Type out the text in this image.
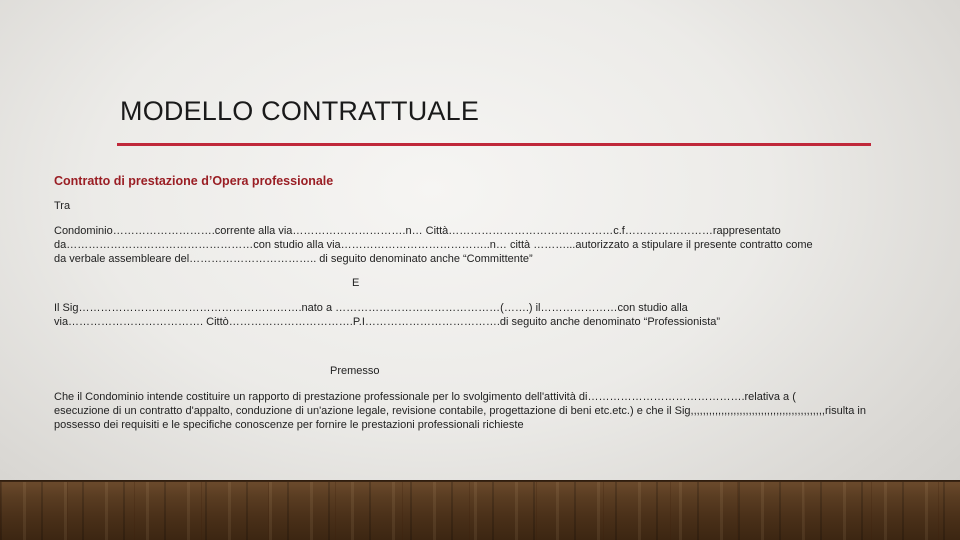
MODELLO CONTRATTUALE

Contratto di prestazione d’Opera professionale

Tra
Condominio……………………….corrente alla via………………………….n… Città………………………………………c.f……………………rappresentato
da……………………………………………con studio alla via…………………………………..n… città ………...autorizzato a stipulare il presente contratto come
da verbale assembleare del…………………………….. di seguito denominato anche “Committente”
E
Il Sig…………………………………………………….nato a ………………………………………(…….) il…………………con studio alla
via………………………………. Cittò…………………………….P.I……………………………….di seguito anche denominato “Professionista”
Premesso
Che il Condominio intende costituire un rapporto di prestazione professionale per lo svolgimento dell'attività di…………………………………….relativa a (
esecuzione di un contratto d'appalto, conduzione di un'azione legale, revisione contabile, progettazione di beni etc.etc.) e che il Sig,,,,,,,,,,,,,,,,,,,,,,,,,,,,,,,,,,,,,,,,,,,,risulta in
possesso dei requisiti e le specifiche conoscenze per fornire le prestazioni professionali richieste
